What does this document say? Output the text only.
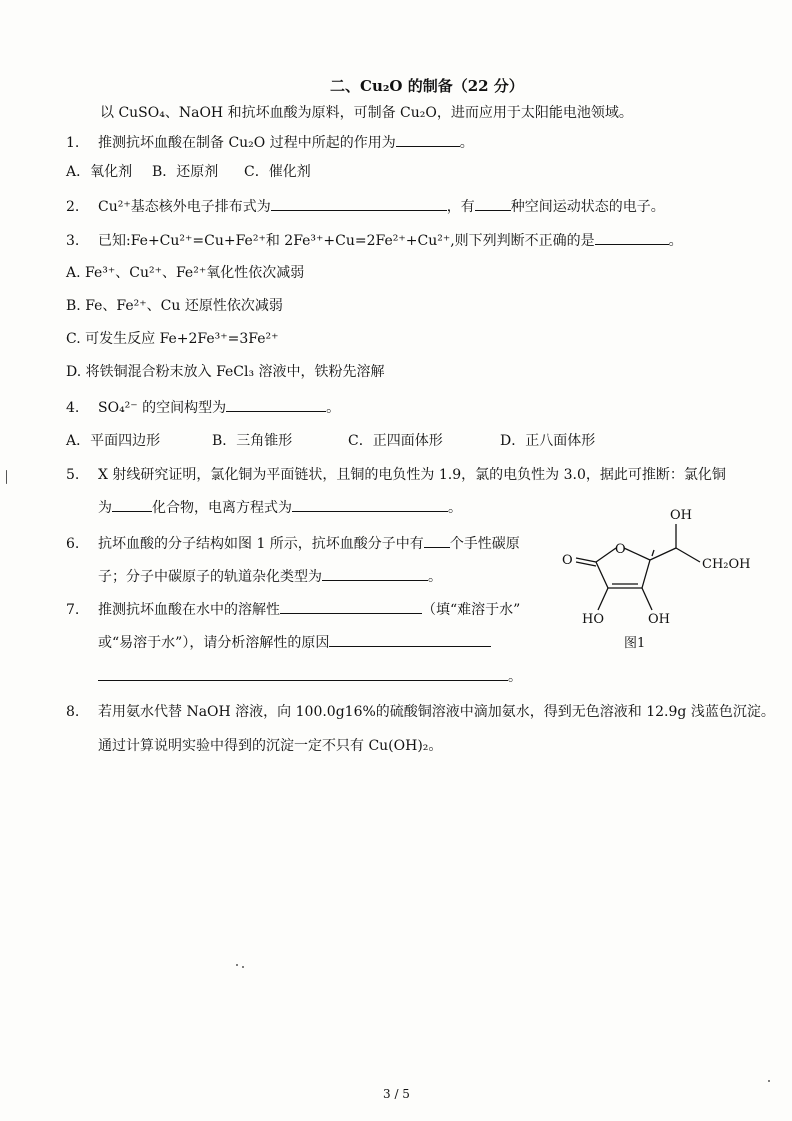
二、Cu₂O 的制备（22 分）
以 CuSO₄、NaOH 和抗坏血酸为原料，可制备 Cu₂O，进而应用于太阳能电池领域。
1. 推测抗坏血酸在制备 Cu₂O 过程中所起的作用为	。
A．氧化剂 B．还原剂 C．催化剂
2. Cu²⁺基态核外电子排布式为	，有	种空间运动状态的电子。
3. 已知:Fe+Cu²⁺=Cu+Fe²⁺和 2Fe³⁺+Cu=2Fe²⁺+Cu²⁺,则下列判断不正确的是	。
A. Fe³⁺、Cu²⁺、Fe²⁺氧化性依次减弱
B. Fe、Fe²⁺、Cu 还原性依次减弱
C. 可发生反应 Fe+2Fe³⁺=3Fe²⁺
D. 将铁铜混合粉末放入 FeCl₃ 溶液中，铁粉先溶解
4. SO₄²⁻ 的空间构型为	。
A．平面四边形	B．三角锥形	C．正四面体形	D．正八面体形
5. X 射线研究证明，氯化铜为平面链状，且铜的电负性为 1.9，氯的电负性为 3.0，据此可推断：氯化铜
为	化合物，电离方程式为	。
6. 抗坏血酸的分子结构如图 1 所示，抗坏血酸分子中有 个手性碳原
子；分子中碳原子的轨道杂化类型为	。
7. 推测抗坏血酸在水中的溶解性	（填“难溶于水”
或“易溶于水”），请分析溶解性的原因
。
8. 若用氨水代替 NaOH 溶液，向 100.0g16%的硫酸铜溶液中滴加氨水，得到无色溶液和 12.9g 浅蓝色沉淀。
通过计算说明实验中得到的沉淀一定不只有 Cu(OH)₂。
OH
CH₂OH
O
O
HO	OH
图1
3 / 5
